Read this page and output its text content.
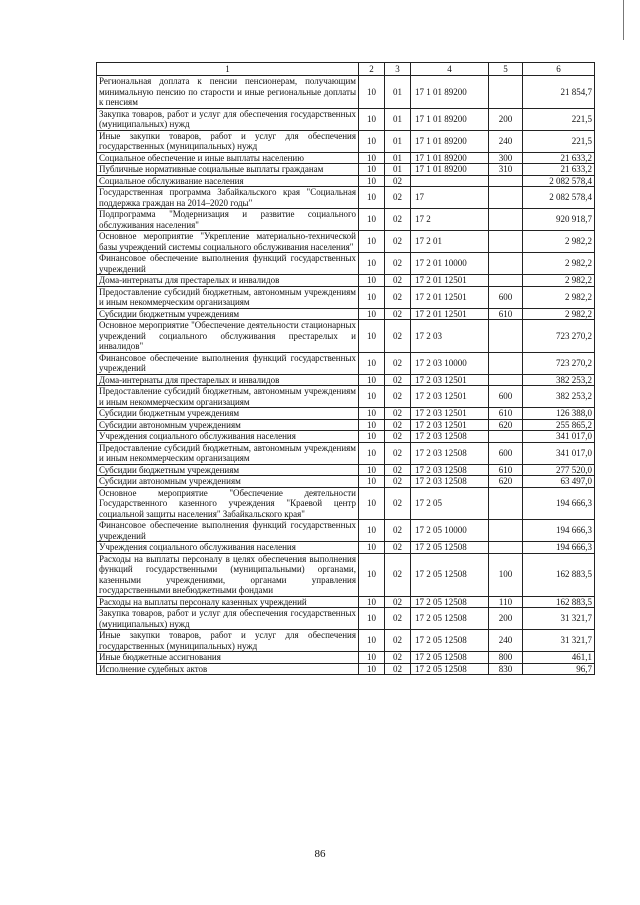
1	2	3	4	5	6
Региональная доплата к пенсии пенсионерам, получающим минимальную пенсию по старости и иные региональные доплаты к пенсиям	10	01	17 1 01 89200		21 854,7
Закупка товаров, работ и услуг для обеспечения государственных (муниципальных) нужд	10	01	17 1 01 89200	200	221,5
Иные закупки товаров, работ и услуг для обеспечения государственных (муниципальных) нужд	10	01	17 1 01 89200	240	221,5
Социальное обеспечение и иные выплаты населению	10	01	17 1 01 89200	300	21 633,2
Публичные нормативные социальные выплаты гражданам	10	01	17 1 01 89200	310	21 633,2
Социальное обслуживание населения	10	02			2 082 578,4
Государственная программа Забайкальского края "Социальная поддержка граждан на 2014–2020 годы"	10	02	17		2 082 578,4
Подпрограмма "Модернизация и развитие социального обслуживания населения"	10	02	17 2		920 918,7
Основное мероприятие "Укрепление материально-технической базы учреждений системы социального обслуживания населения"	10	02	17 2 01		2 982,2
Финансовое обеспечение выполнения функций государственных учреждений	10	02	17 2 01 10000		2 982,2
Дома-интернаты для престарелых и инвалидов	10	02	17 2 01 12501		2 982,2
Предоставление субсидий бюджетным, автономным учреждениям и иным некоммерческим организациям	10	02	17 2 01 12501	600	2 982,2
Субсидии бюджетным учреждениям	10	02	17 2 01 12501	610	2 982,2
Основное мероприятие "Обеспечение деятельности стационарных учреждений социального обслуживания престарелых и инвалидов"	10	02	17 2 03		723 270,2
Финансовое обеспечение выполнения функций государственных учреждений	10	02	17 2 03 10000		723 270,2
Дома-интернаты для престарелых и инвалидов	10	02	17 2 03 12501		382 253,2
Предоставление субсидий бюджетным, автономным учреждениям и иным некоммерческим организациям	10	02	17 2 03 12501	600	382 253,2
Субсидии бюджетным учреждениям	10	02	17 2 03 12501	610	126 388,0
Субсидии автономным учреждениям	10	02	17 2 03 12501	620	255 865,2
Учреждения социального обслуживания населения	10	02	17 2 03 12508		341 017,0
Предоставление субсидий бюджетным, автономным учреждениям и иным некоммерческим организациям	10	02	17 2 03 12508	600	341 017,0
Субсидии бюджетным учреждениям	10	02	17 2 03 12508	610	277 520,0
Субсидии автономным учреждениям	10	02	17 2 03 12508	620	63 497,0
Основное мероприятие "Обеспечение деятельности Государственного казенного учреждения "Краевой центр социальной защиты населения" Забайкальского края"	10	02	17 2 05		194 666,3
Финансовое обеспечение выполнения функций государственных учреждений	10	02	17 2 05 10000		194 666,3
Учреждения социального обслуживания населения	10	02	17 2 05 12508		194 666,3
Расходы на выплаты персоналу в целях обеспечения выполнения функций государственными (муниципальными) органами, казенными учреждениями, органами управления государственными внебюджетными фондами	10	02	17 2 05 12508	100	162 883,5
Расходы на выплаты персоналу казенных учреждений	10	02	17 2 05 12508	110	162 883,5
Закупка товаров, работ и услуг для обеспечения государственных (муниципальных) нужд	10	02	17 2 05 12508	200	31 321,7
Иные закупки товаров, работ и услуг для обеспечения государственных (муниципальных) нужд	10	02	17 2 05 12508	240	31 321,7
Иные бюджетные ассигнования	10	02	17 2 05 12508	800	461,1
Исполнение судебных актов	10	02	17 2 05 12508	830	96,7
86
